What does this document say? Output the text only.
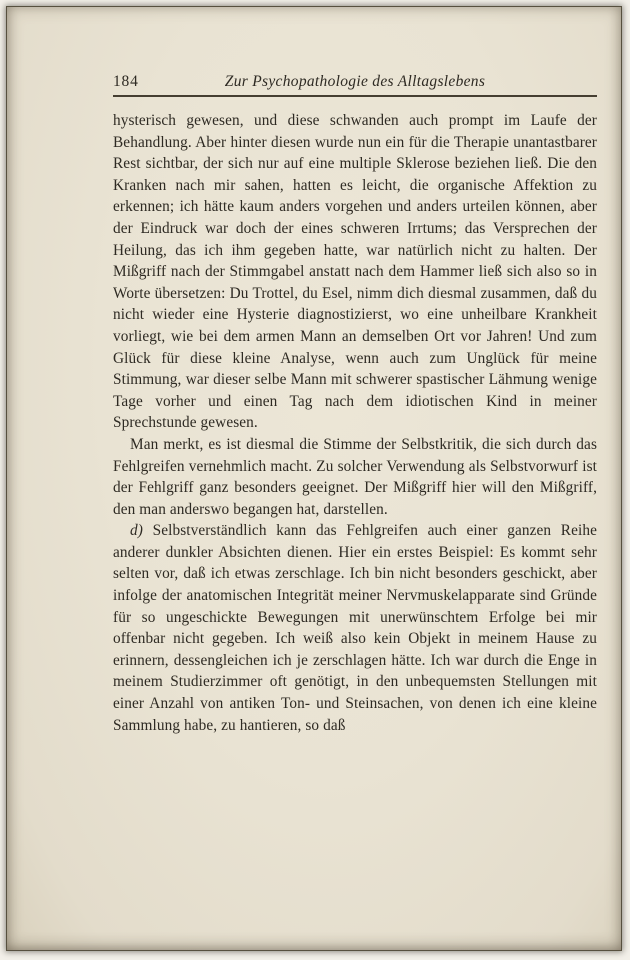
184	Zur Psychopathologie des Alltagslebens

hysterisch gewesen, und diese schwanden auch prompt im Laufe der Behandlung. Aber hinter diesen wurde nun ein für die Therapie unantastbarer Rest sichtbar, der sich nur auf eine multiple Sklerose beziehen ließ. Die den Kranken nach mir sahen, hatten es leicht, die organische Affektion zu erkennen; ich hätte kaum anders vorgehen und anders urteilen können, aber der Eindruck war doch der eines schweren Irrtums; das Versprechen der Heilung, das ich ihm gegeben hatte, war natürlich nicht zu halten. Der Mißgriff nach der Stimmgabel anstatt nach dem Hammer ließ sich also so in Worte übersetzen: Du Trottel, du Esel, nimm dich diesmal zusammen, daß du nicht wieder eine Hysterie diagnostizierst, wo eine unheilbare Krankheit vorliegt, wie bei dem armen Mann an demselben Ort vor Jahren! Und zum Glück für diese kleine Analyse, wenn auch zum Unglück für meine Stimmung, war dieser selbe Mann mit schwerer spastischer Lähmung wenige Tage vorher und einen Tag nach dem idiotischen Kind in meiner Sprechstunde gewesen.

Man merkt, es ist diesmal die Stimme der Selbstkritik, die sich durch das Fehlgreifen vernehmlich macht. Zu solcher Verwendung als Selbstvorwurf ist der Fehlgriff ganz besonders geeignet. Der Mißgriff hier will den Mißgriff, den man anderswo begangen hat, darstellen.

d) Selbstverständlich kann das Fehlgreifen auch einer ganzen Reihe anderer dunkler Absichten dienen. Hier ein erstes Beispiel: Es kommt sehr selten vor, daß ich etwas zerschlage. Ich bin nicht besonders geschickt, aber infolge der anatomischen Integrität meiner Nervmuskelapparate sind Gründe für so ungeschickte Bewegungen mit unerwünschtem Erfolge bei mir offenbar nicht gegeben. Ich weiß also kein Objekt in meinem Hause zu erinnern, dessengleichen ich je zerschlagen hätte. Ich war durch die Enge in meinem Studierzimmer oft genötigt, in den unbequemsten Stellungen mit einer Anzahl von antiken Ton- und Steinsachen, von denen ich eine kleine Sammlung habe, zu hantieren, so daß
